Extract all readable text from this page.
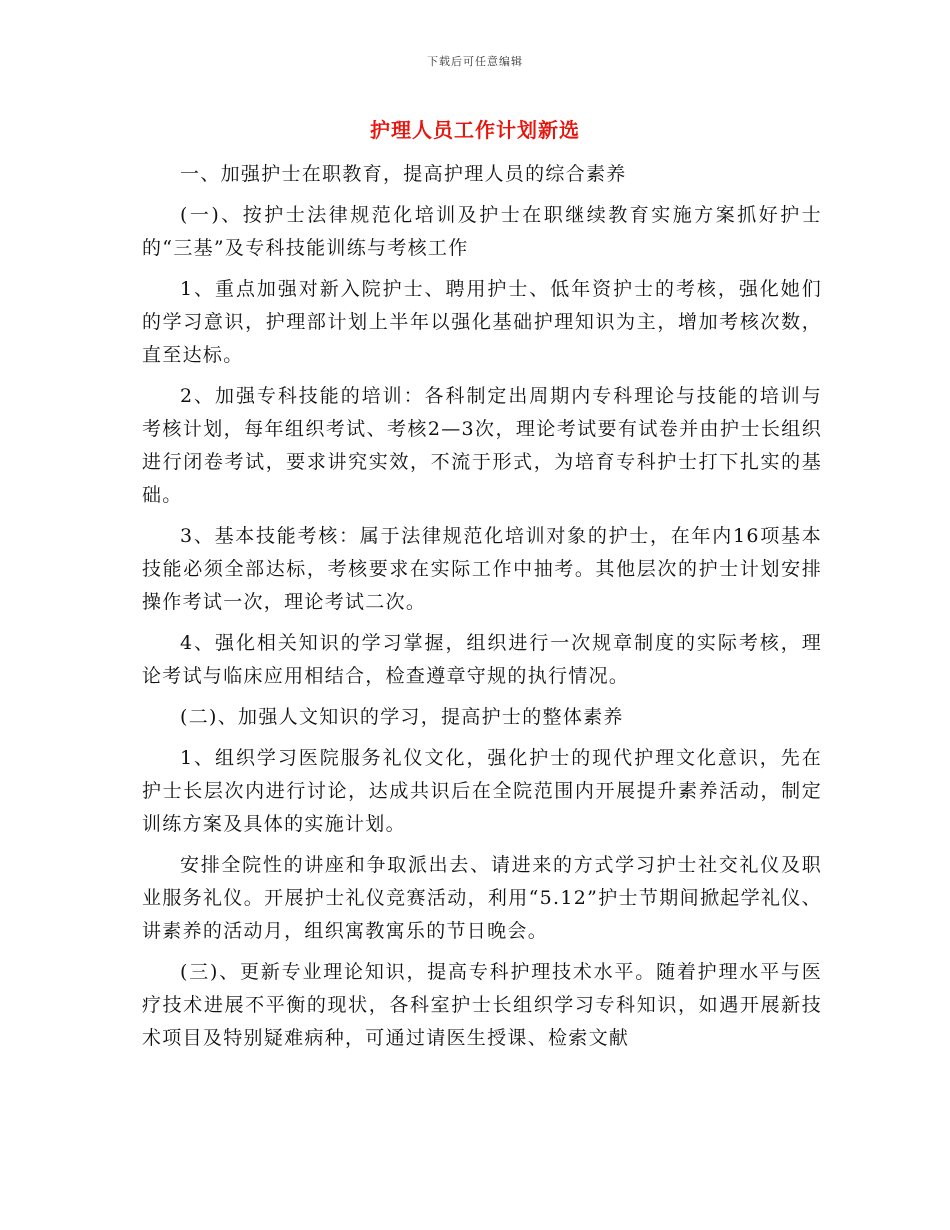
下载后可任意编辑
护理人员工作计划新选

一、加强护士在职教育，提高护理人员的综合素养

(一)、按护士法律规范化培训及护士在职继续教育实施方案抓好护士的“三基”及专科技能训练与考核工作

1、重点加强对新入院护士、聘用护士、低年资护士的考核，强化她们的学习意识，护理部计划上半年以强化基础护理知识为主，增加考核次数，直至达标。

2、加强专科技能的培训：各科制定出周期内专科理论与技能的培训与考核计划，每年组织考试、考核2—3次，理论考试要有试卷并由护士长组织进行闭卷考试，要求讲究实效，不流于形式，为培育专科护士打下扎实的基础。

3、基本技能考核：属于法律规范化培训对象的护士，在年内16项基本技能必须全部达标，考核要求在实际工作中抽考。其他层次的护士计划安排操作考试一次，理论考试二次。

4、强化相关知识的学习掌握，组织进行一次规章制度的实际考核，理论考试与临床应用相结合，检查遵章守规的执行情况。

(二)、加强人文知识的学习，提高护士的整体素养

1、组织学习医院服务礼仪文化，强化护士的现代护理文化意识，先在护士长层次内进行讨论，达成共识后在全院范围内开展提升素养活动，制定训练方案及具体的实施计划。

安排全院性的讲座和争取派出去、请进来的方式学习护士社交礼仪及职业服务礼仪。开展护士礼仪竞赛活动，利用“5.12”护士节期间掀起学礼仪、讲素养的活动月，组织寓教寓乐的节日晚会。

(三)、更新专业理论知识，提高专科护理技术水平。随着护理水平与医疗技术进展不平衡的现状，各科室护士长组织学习专科知识，如遇开展新技术项目及特别疑难病种，可通过请医生授课、检索文献
